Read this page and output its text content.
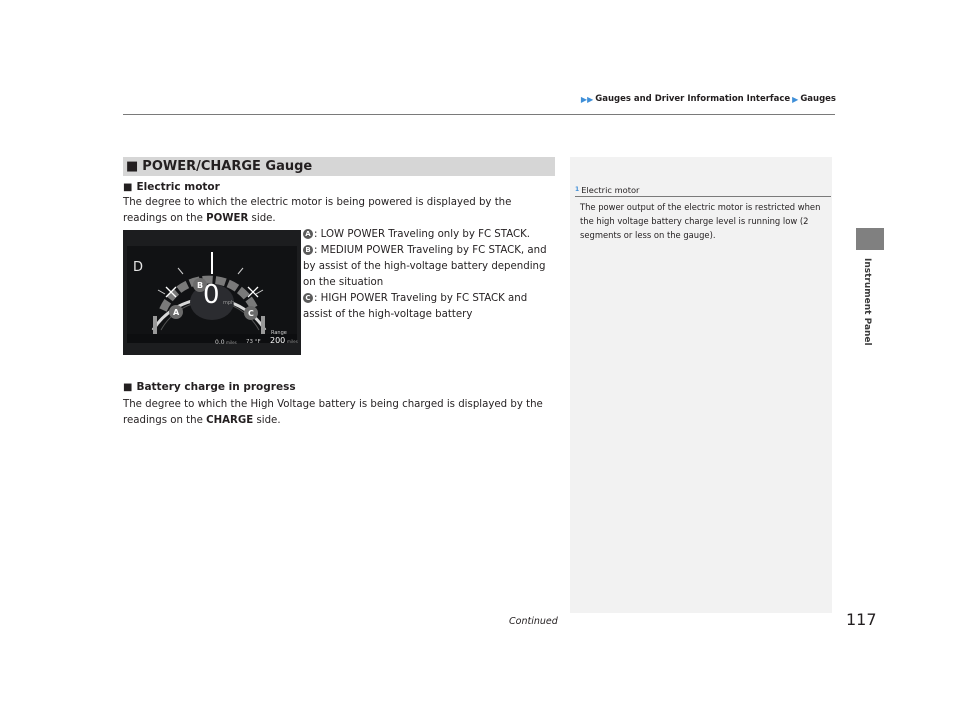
▶▶ Gauges and Driver Information Interface ▶ Gauges
Instrument Panel
■ POWER/CHARGE Gauge
■ Electric motor
The degree to which the electric motor is being powered is displayed by the readings on the POWER side.
D
0 mph
B
A	C
Range
0.0 miles 73 °F 200 miles
A : LOW POWER Traveling only by FC STACK.
B : MEDIUM POWER Traveling by FC STACK, and by assist of the high-voltage battery depending on the situation
C : HIGH POWER Traveling by FC STACK and assist of the high-voltage battery
■ Battery charge in progress
The degree to which the High Voltage battery is being charged is displayed by the readings on the CHARGE side.
1 Electric motor
The power output of the electric motor is restricted when the high voltage battery charge level is running low (2 segments or less on the gauge).
Continued	117
